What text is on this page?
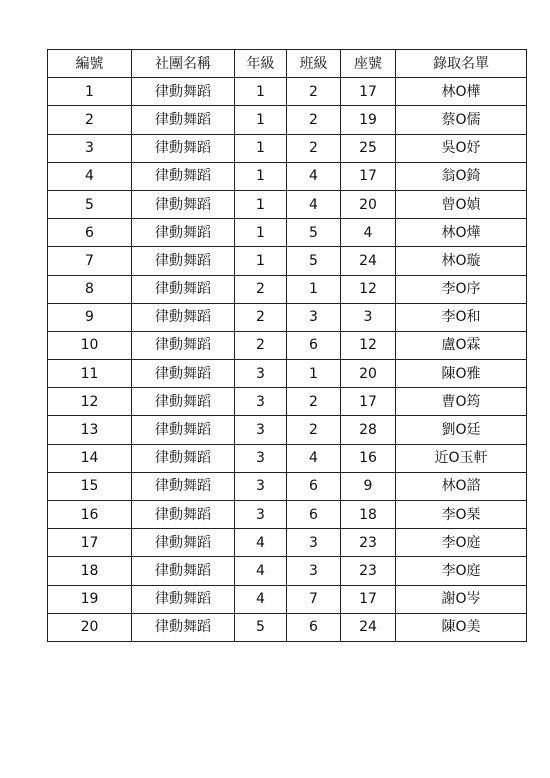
編號	社團名稱	年級	班級	座號	錄取名單
1	律動舞蹈	1	2	17	林O樺
2	律動舞蹈	1	2	19	蔡O儒
3	律動舞蹈	1	2	25	吳O妤
4	律動舞蹈	1	4	17	翁O錡
5	律動舞蹈	1	4	20	曾O媜
6	律動舞蹈	1	5	4	林O燁
7	律動舞蹈	1	5	24	林O璇
8	律動舞蹈	2	1	12	李O序
9	律動舞蹈	2	3	3	李O和
10	律動舞蹈	2	6	12	盧O霖
11	律動舞蹈	3	1	20	陳O雅
12	律動舞蹈	3	2	17	曹O筠
13	律動舞蹈	3	2	28	劉O廷
14	律動舞蹈	3	4	16	近O玉軒
15	律動舞蹈	3	6	9	林O諮
16	律動舞蹈	3	6	18	李O琹
17	律動舞蹈	4	3	23	李O庭
18	律動舞蹈	4	3	23	李O庭
19	律動舞蹈	4	7	17	謝O岑
20	律動舞蹈	5	6	24	陳O美
